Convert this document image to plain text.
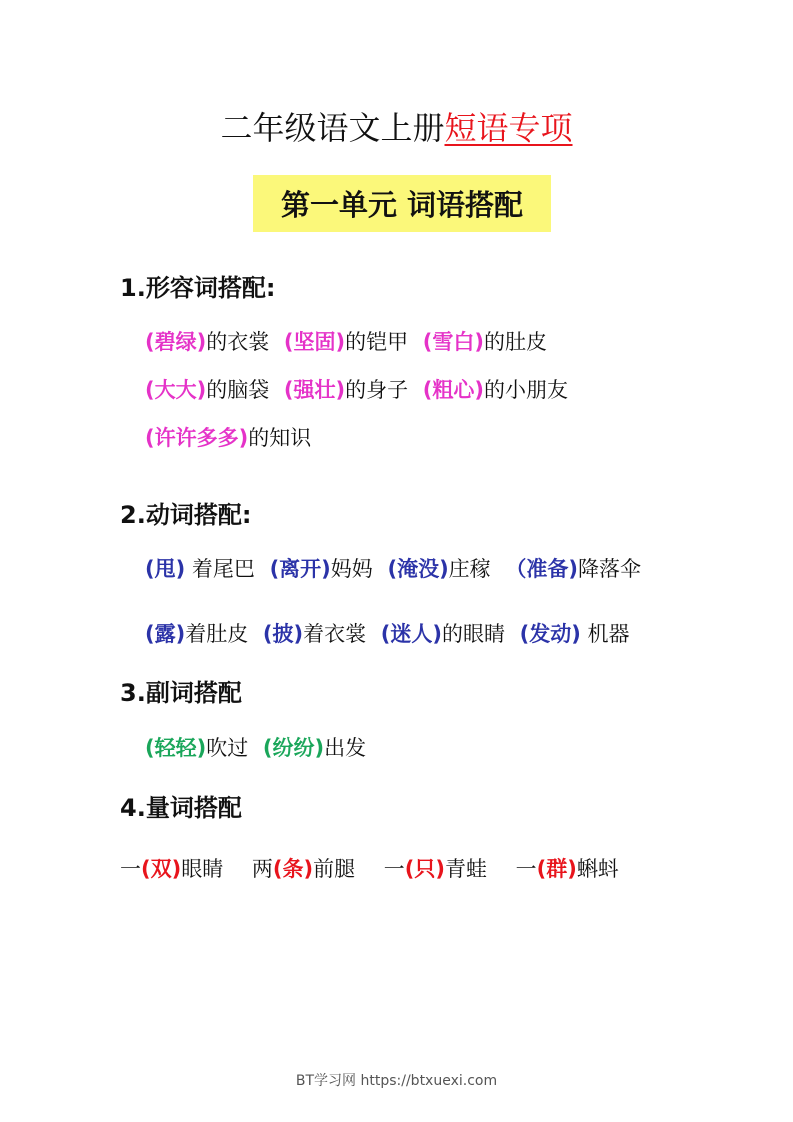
二年级语文上册短语专项
第一单元 词语搭配
1.形容词搭配:
(碧绿)的衣裳 (坚固)的铠甲 (雪白)的肚皮
(大大)的脑袋 (强壮)的身子 (粗心)的小朋友
(许许多多)的知识
2.动词搭配:
(甩) 着尾巴 (离开)妈妈 (淹没)庄稼 （准备)降落伞
(露)着肚皮 (披)着衣裳 (迷人)的眼睛 (发动) 机器
3.副词搭配
(轻轻)吹过 (纷纷)出发
4.量词搭配
一(双)眼睛 两(条)前腿 一(只)青蛙 一(群)蝌蚪
BT学习网 https://btxuexi.com
